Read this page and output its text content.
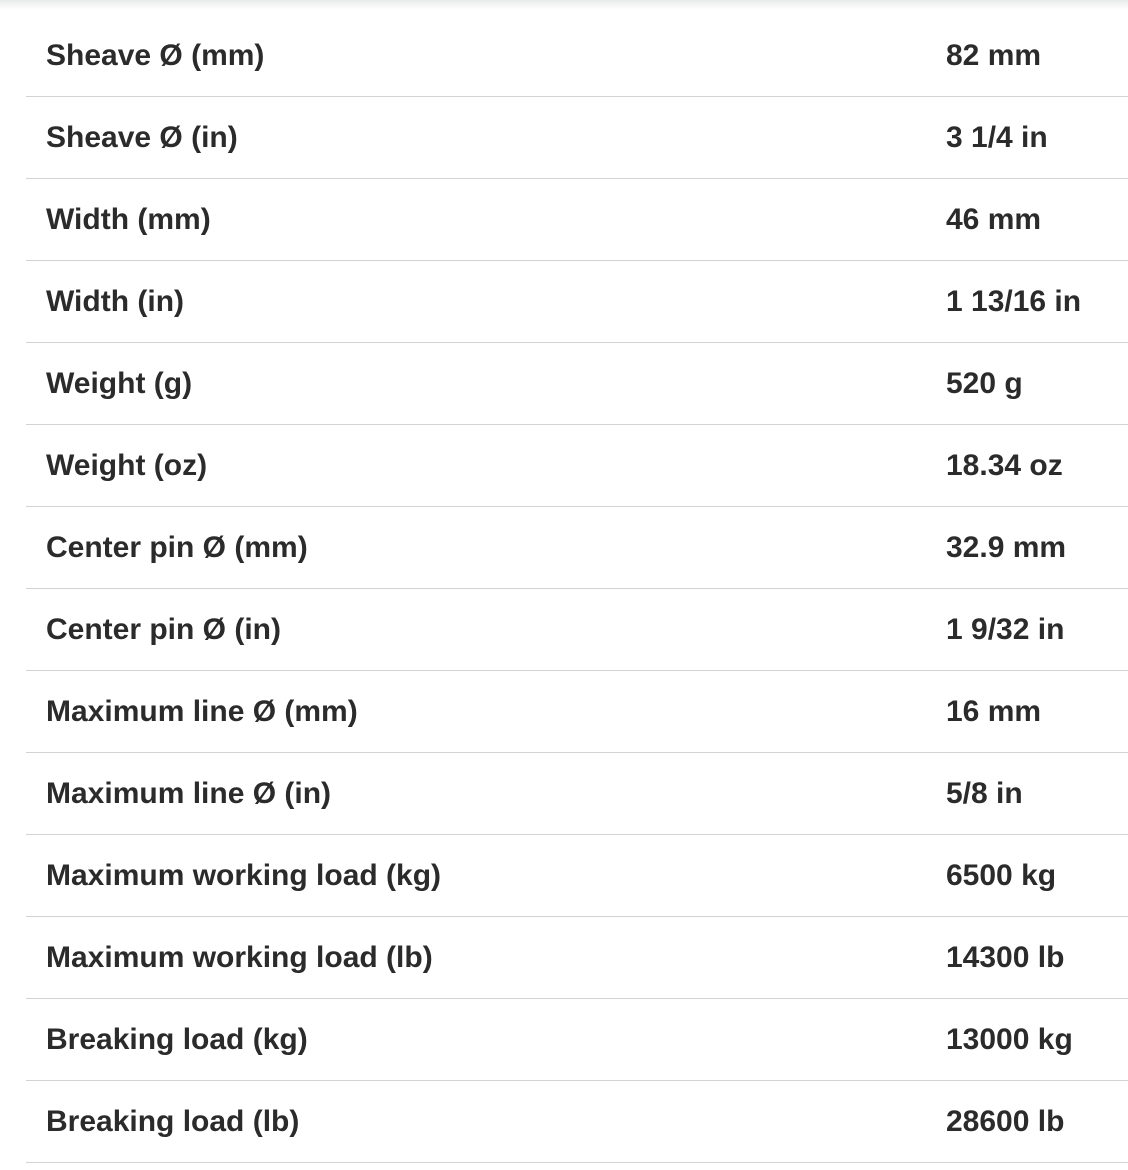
Sheave Ø (mm)	82 mm
Sheave Ø (in)	3 1/4 in
Width (mm)	46 mm
Width (in)	1 13/16 in
Weight (g)	520 g
Weight (oz)	18.34 oz
Center pin Ø (mm)	32.9 mm
Center pin Ø (in)	1 9/32 in
Maximum line Ø (mm)	16 mm
Maximum line Ø (in)	5/8 in
Maximum working load (kg)	6500 kg
Maximum working load (lb)	14300 lb
Breaking load (kg)	13000 kg
Breaking load (lb)	28600 lb
